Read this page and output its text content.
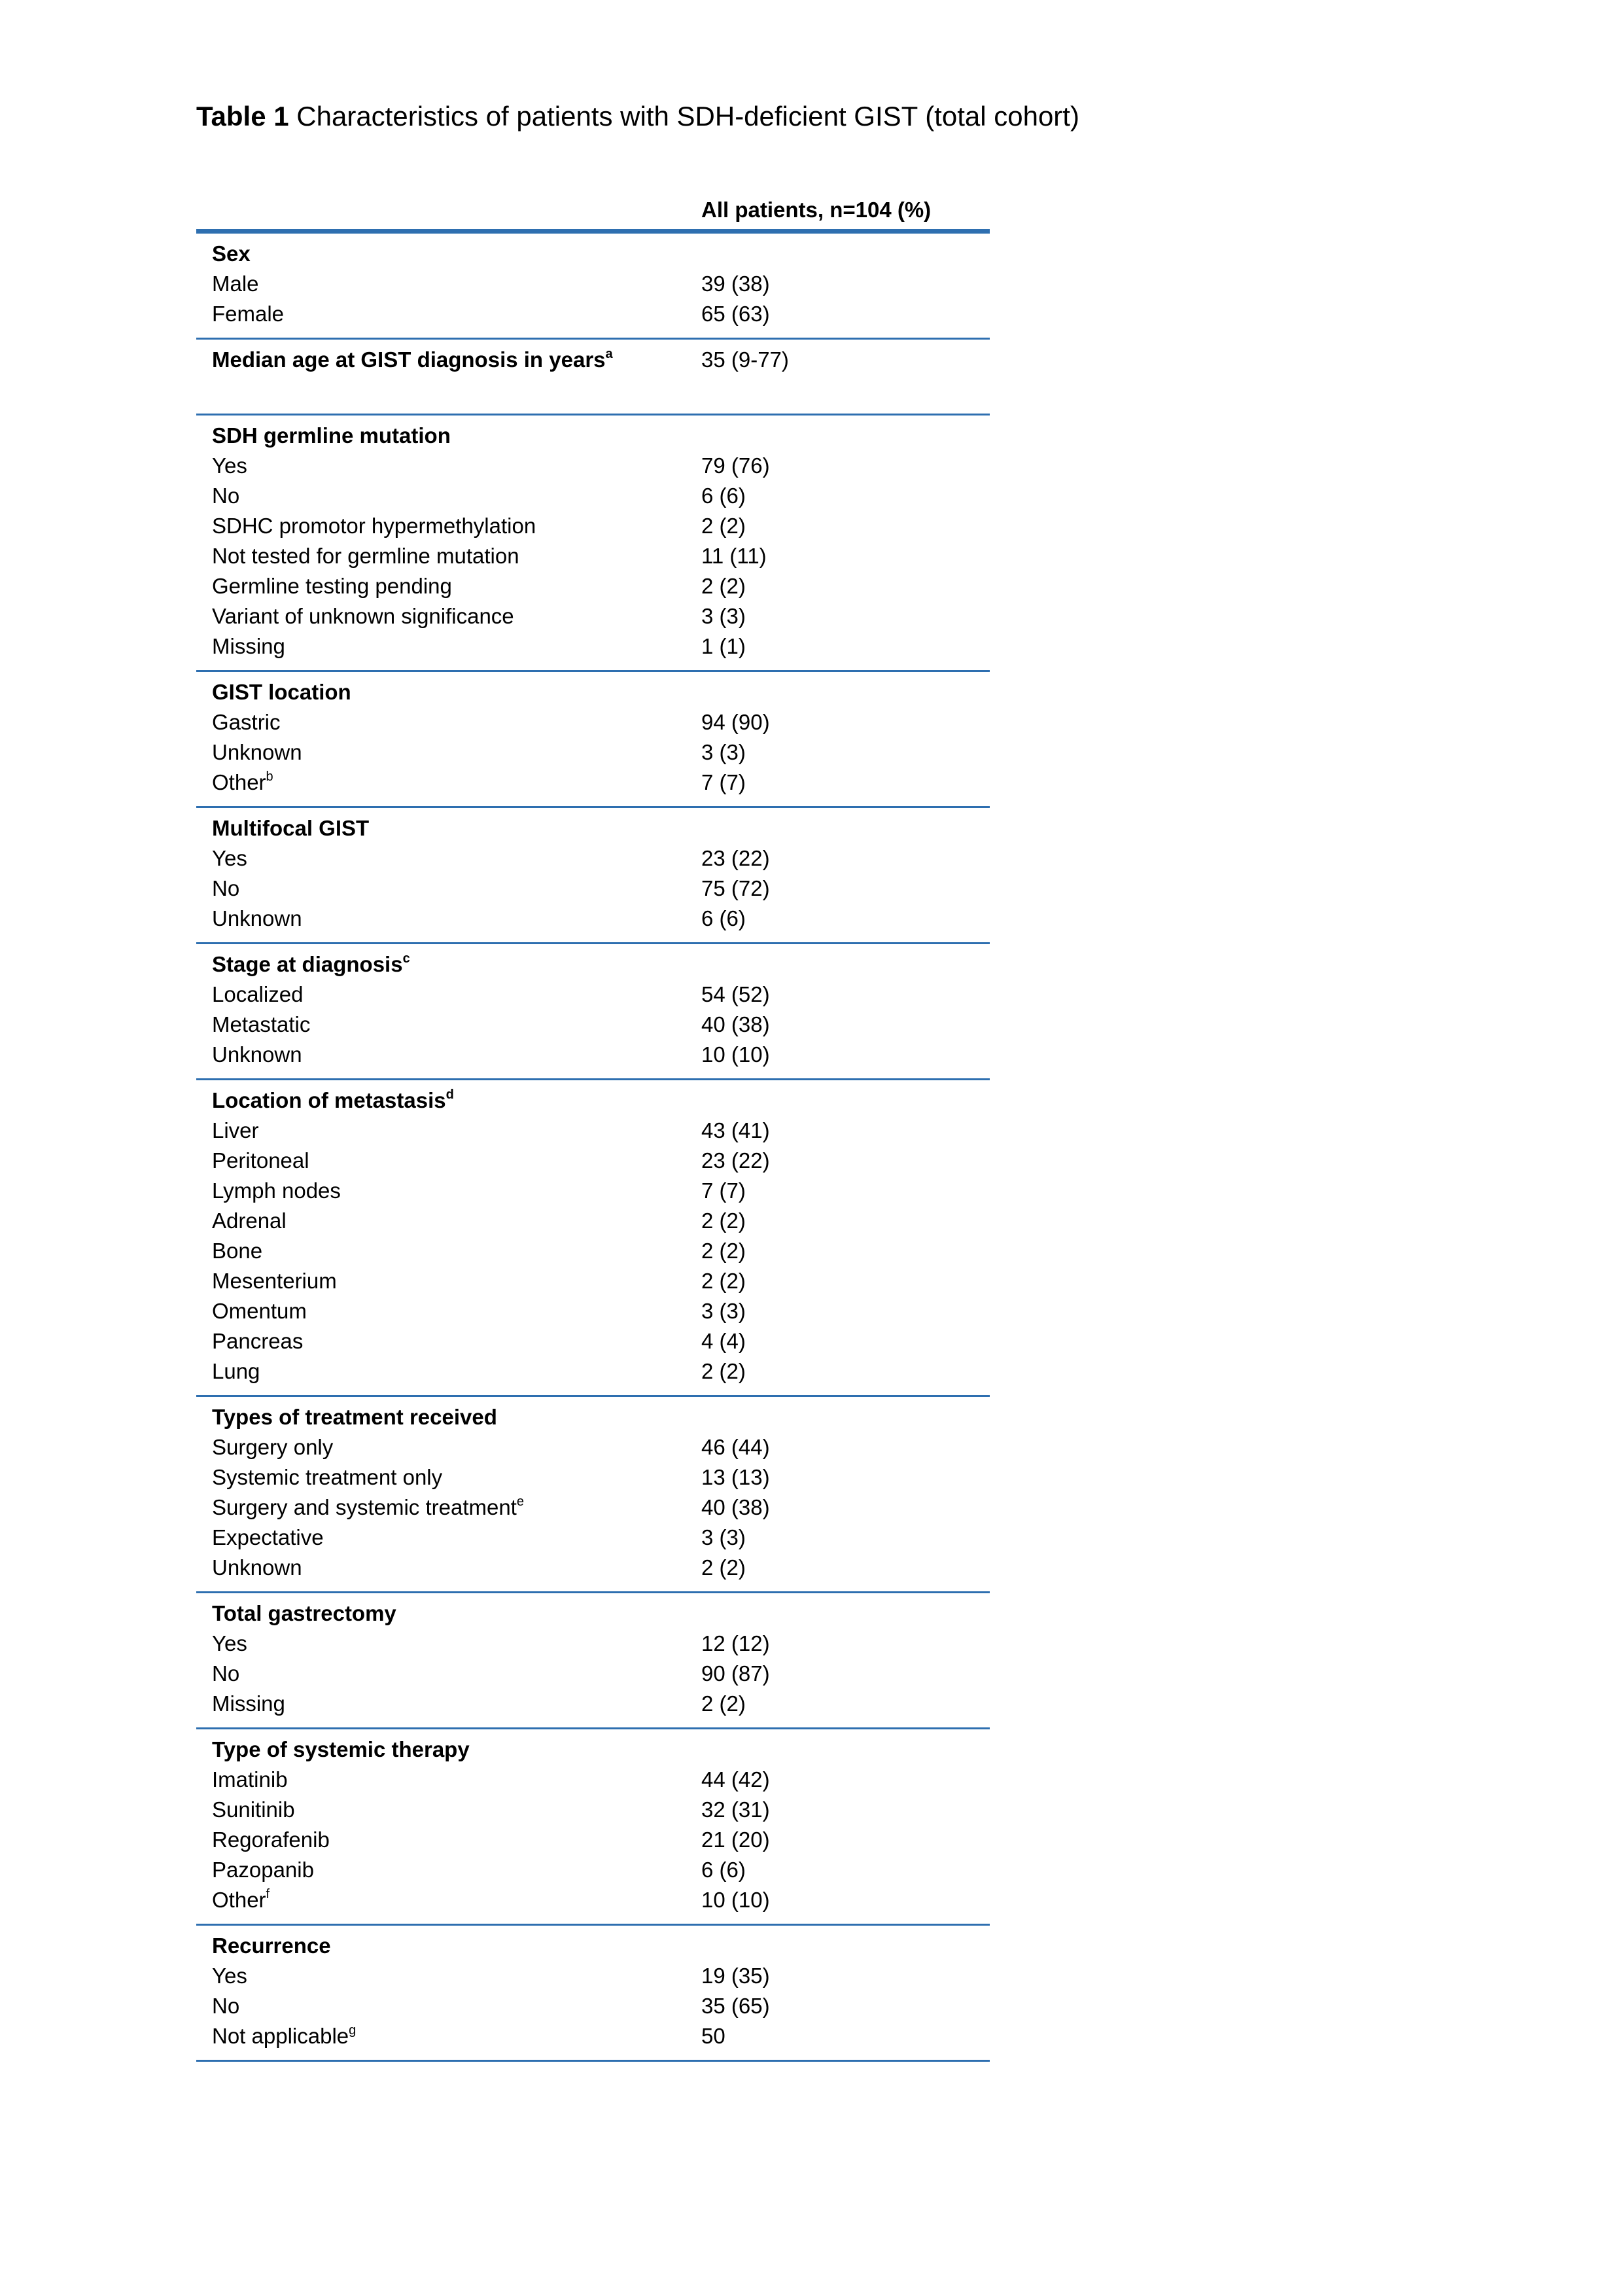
Table 1 Characteristics of patients with SDH-deficient GIST (total cohort)
All patients, n=104 (%)
Sex
Male	39 (38)
Female	65 (63)
Median age at GIST diagnosis in years$^a$	35 (9-77)
SDH germline mutation
Yes	79 (76)
No	6 (6)
SDHC promotor hypermethylation	2 (2)
Not tested for germline mutation	11 (11)
Germline testing pending	2 (2)
Variant of unknown significance	3 (3)
Missing	1 (1)
GIST location
Gastric	94 (90)
Unknown	3 (3)
Other$^b$	7 (7)
Multifocal GIST
Yes	23 (22)
No	75 (72)
Unknown	6 (6)
Stage at diagnosis$^c$
Localized	54 (52)
Metastatic	40 (38)
Unknown	10 (10)
Location of metastasis$^d$
Liver	43 (41)
Peritoneal	23 (22)
Lymph nodes	7 (7)
Adrenal	2 (2)
Bone	2 (2)
Mesenterium	2 (2)
Omentum	3 (3)
Pancreas	4 (4)
Lung	2 (2)
Types of treatment received
Surgery only	46 (44)
Systemic treatment only	13 (13)
Surgery and systemic treatment$^e$	40 (38)
Expectative	3 (3)
Unknown	2 (2)
Total gastrectomy
Yes	12 (12)
No	90 (87)
Missing	2 (2)
Type of systemic therapy
Imatinib	44 (42)
Sunitinib	32 (31)
Regorafenib	21 (20)
Pazopanib	6 (6)
Other$^f$	10 (10)
Recurrence
Yes	19 (35)
No	35 (65)
Not applicable$^g$	50
